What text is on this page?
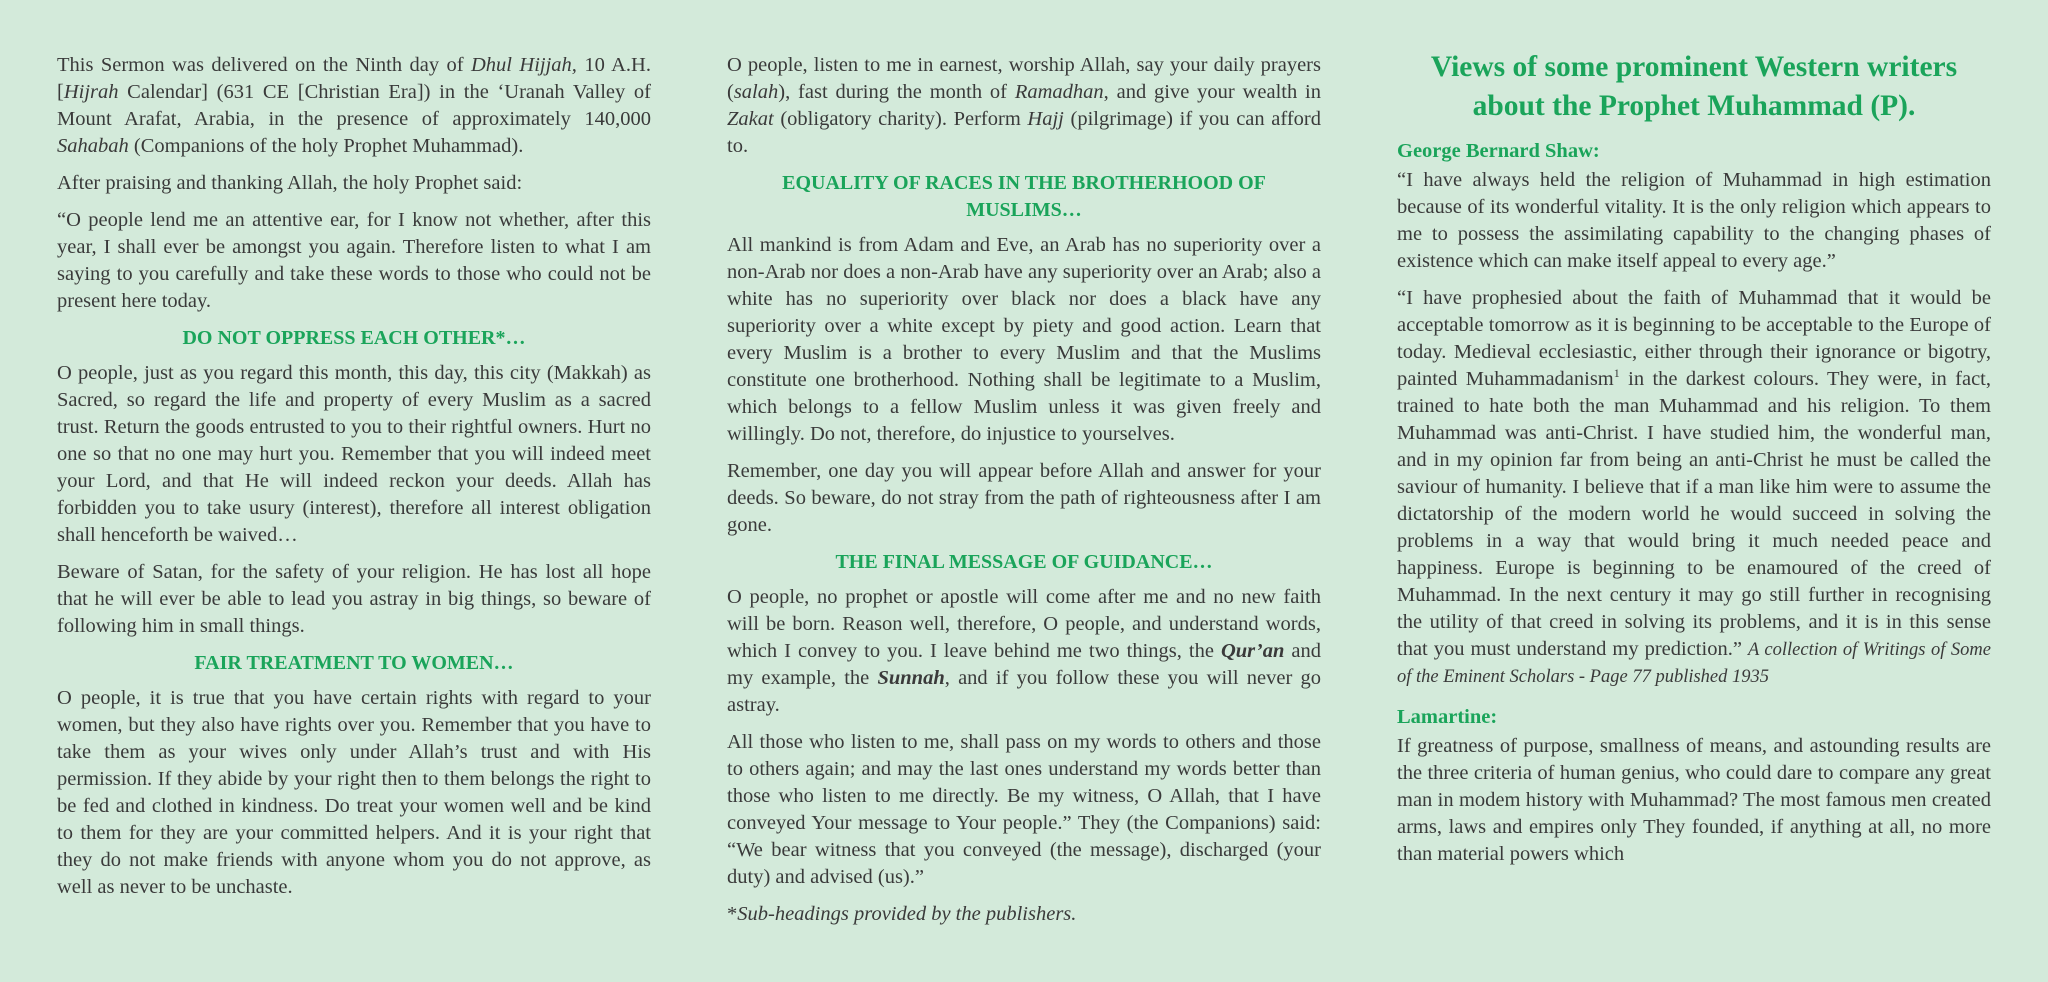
This Sermon was delivered on the Ninth day of Dhul Hijjah, 10 A.H. [Hijrah Calendar] (631 CE [Christian Era]) in the ‘Uranah Valley of Mount Arafat, Arabia, in the presence of approximately 140,000 Sahabah (Companions of the holy Prophet Muhammad).

After praising and thanking Allah, the holy Prophet said:

“O people lend me an attentive ear, for I know not whether, after this year, I shall ever be amongst you again. Therefore listen to what I am saying to you carefully and take these words to those who could not be present here today.

DO NOT OPPRESS EACH OTHER*…

O people, just as you regard this month, this day, this city (Makkah) as Sacred, so regard the life and property of every Muslim as a sacred trust. Return the goods entrusted to you to their rightful owners. Hurt no one so that no one may hurt you. Remember that you will indeed meet your Lord, and that He will indeed reckon your deeds. Allah has forbidden you to take usury (interest), therefore all interest obligation shall henceforth be waived…

Beware of Satan, for the safety of your religion. He has lost all hope that he will ever be able to lead you astray in big things, so beware of following him in small things.

FAIR TREATMENT TO WOMEN…

O people, it is true that you have certain rights with regard to your women, but they also have rights over you. Remember that you have to take them as your wives only under Allah’s trust and with His permission. If they abide by your right then to them belongs the right to be fed and clothed in kindness. Do treat your women well and be kind to them for they are your committed helpers. And it is your right that they do not make friends with anyone whom you do not approve, as well as never to be unchaste.

O people, listen to me in earnest, worship Allah, say your daily prayers (salah), fast during the month of Ramadhan, and give your wealth in Zakat (obligatory charity). Perform Hajj (pilgrimage) if you can afford to.

EQUALITY OF RACES IN THE BROTHERHOOD OF MUSLIMS…

All mankind is from Adam and Eve, an Arab has no superiority over a non-Arab nor does a non-Arab have any superiority over an Arab; also a white has no superiority over black nor does a black have any superiority over a white except by piety and good action. Learn that every Muslim is a brother to every Muslim and that the Muslims constitute one brotherhood. Nothing shall be legitimate to a Muslim, which belongs to a fellow Muslim unless it was given freely and willingly. Do not, therefore, do injustice to yourselves.

Remember, one day you will appear before Allah and answer for your deeds. So beware, do not stray from the path of righteousness after I am gone.

THE FINAL MESSAGE OF GUIDANCE…

O people, no prophet or apostle will come after me and no new faith will be born. Reason well, therefore, O people, and understand words, which I convey to you. I leave behind me two things, the Qur’an and my example, the Sunnah, and if you follow these you will never go astray.

All those who listen to me, shall pass on my words to others and those to others again; and may the last ones understand my words better than those who listen to me directly. Be my witness, O Allah, that I have conveyed Your message to Your people.” They (the Companions) said: “We bear witness that you conveyed (the message), discharged (your duty) and advised (us).”

*Sub-headings provided by the publishers.

Views of some prominent Western writers about the Prophet Muhammad (P).
George Bernard Shaw:

“I have always held the religion of Muhammad in high estimation because of its wonderful vitality. It is the only religion which appears to me to possess the assimilating capability to the changing phases of existence which can make itself appeal to every age.”

“I have prophesied about the faith of Muhammad that it would be acceptable tomorrow as it is beginning to be acceptable to the Europe of today. Medieval ecclesiastic, either through their ignorance or bigotry, painted Muhammadanism$^1$ in the darkest colours. They were, in fact, trained to hate both the man Muhammad and his religion. To them Muhammad was anti-Christ. I have studied him, the wonderful man, and in my opinion far from being an anti-Christ he must be called the saviour of humanity. I believe that if a man like him were to assume the dictatorship of the modern world he would succeed in solving the problems in a way that would bring it much needed peace and happiness. Europe is beginning to be enamoured of the creed of Muhammad. In the next century it may go still further in recognising the utility of that creed in solving its problems, and it is in this sense that you must understand my prediction.” A collection of Writings of Some of the Eminent Scholars - Page 77 published 1935

Lamartine:

If greatness of purpose, smallness of means, and astounding results are the three criteria of human genius, who could dare to compare any great man in modem history with Muhammad? The most famous men created arms, laws and empires only They founded, if anything at all, no more than material powers which
